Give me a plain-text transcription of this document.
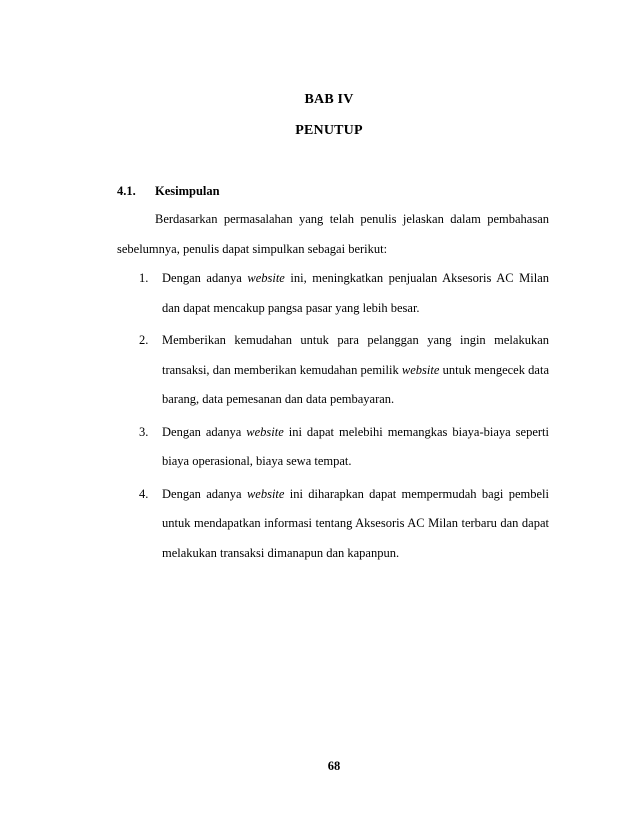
BAB IV
PENUTUP
4.1. Kesimpulan
Berdasarkan permasalahan yang telah penulis jelaskan dalam pembahasan sebelumnya, penulis dapat simpulkan sebagai berikut:
1. Dengan adanya website ini, meningkatkan penjualan Aksesoris AC Milan dan dapat mencakup pangsa pasar yang lebih besar.
2. Memberikan kemudahan untuk para pelanggan yang ingin melakukan transaksi, dan memberikan kemudahan pemilik website untuk mengecek data barang, data pemesanan dan data pembayaran.
3. Dengan adanya website ini dapat melebihi memangkas biaya-biaya seperti biaya operasional, biaya sewa tempat.
4. Dengan adanya website ini diharapkan dapat mempermudah bagi pembeli untuk mendapatkan informasi tentang Aksesoris AC Milan terbaru dan dapat melakukan transaksi dimanapun dan kapanpun.
68
